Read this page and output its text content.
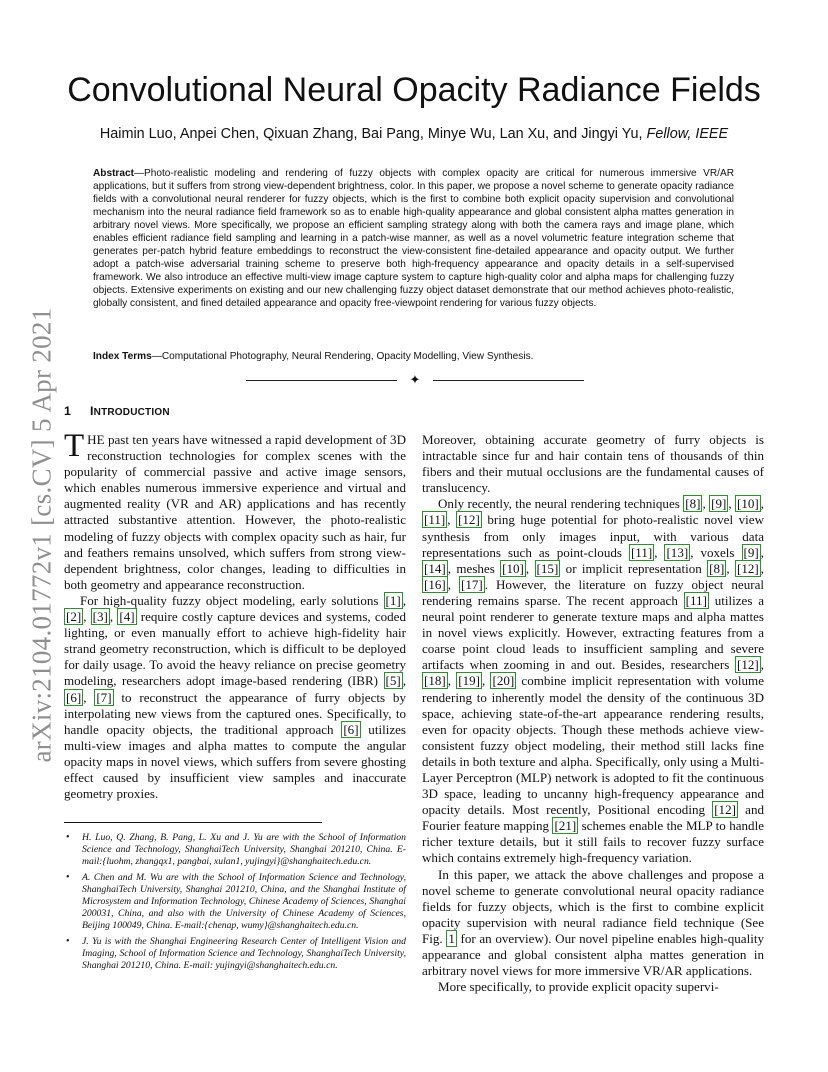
arXiv:2104.01772v1 [cs.CV] 5 Apr 2021
Convolutional Neural Opacity Radiance Fields
Haimin Luo, Anpei Chen, Qixuan Zhang, Bai Pang, Minye Wu, Lan Xu, and Jingyi Yu, Fellow, IEEE

Abstract—Photo-realistic modeling and rendering of fuzzy objects with complex opacity are critical for numerous immersive VR/AR applications, but it suffers from strong view-dependent brightness, color. In this paper, we propose a novel scheme to generate opacity radiance fields with a convolutional neural renderer for fuzzy objects, which is the first to combine both explicit opacity supervision and convolutional mechanism into the neural radiance field framework so as to enable high-quality appearance and global consistent alpha mattes generation in arbitrary novel views. More specifically, we propose an efficient sampling strategy along with both the camera rays and image plane, which enables efficient radiance field sampling and learning in a patch-wise manner, as well as a novel volumetric feature integration scheme that generates per-patch hybrid feature embeddings to reconstruct the view-consistent fine-detailed appearance and opacity output. We further adopt a patch-wise adversarial training scheme to preserve both high-frequency appearance and opacity details in a self-supervised framework. We also introduce an effective multi-view image capture system to capture high-quality color and alpha maps for challenging fuzzy objects. Extensive experiments on existing and our new challenging fuzzy object dataset demonstrate that our method achieves photo-realistic, globally consistent, and fined detailed appearance and opacity free-viewpoint rendering for various fuzzy objects.

Index Terms—Computational Photography, Neural Rendering, Opacity Modelling, View Synthesis.

✦
1 INTRODUCTION

THE past ten years have witnessed a rapid development of 3D reconstruction technologies for complex scenes with the popularity of commercial passive and active image sensors, which enables numerous immersive experience and virtual and augmented reality (VR and AR) applications and has recently attracted substantive attention. However, the photo-realistic modeling of fuzzy objects with complex opacity such as hair, fur and feathers remains unsolved, which suffers from strong view-dependent brightness, color changes, leading to difficulties in both geometry and appearance reconstruction.

For high-quality fuzzy object modeling, early solutions [1] , [2] , [3] , [4] require costly capture devices and systems, coded lighting, or even manually effort to achieve high-fidelity hair strand geometry reconstruction, which is difficult to be deployed for daily usage. To avoid the heavy reliance on precise geometry modeling, researchers adopt image-based rendering (IBR) [5] , [6] , [7] to reconstruct the appearance of furry objects by interpolating new views from the captured ones. Specifically, to handle opacity objects, the traditional approach [6] utilizes multi-view images and alpha mattes to compute the angular opacity maps in novel views, which suffers from severe ghosting effect caused by insufficient view samples and inaccurate geometry proxies.

• H. Luo, Q. Zhang, B. Pang, L. Xu and J. Yu are with the School of Information Science and Technology, ShanghaiTech University, Shanghai 201210, China. E-mail:{luohm, zhangqx1, pangbai, xulan1, yujingyi}@shanghaitech.edu.cn.
• A. Chen and M. Wu are with the School of Information Science and Technology, ShanghaiTech University, Shanghai 201210, China, and the Shanghai Institute of Microsystem and Information Technology, Chinese Academy of Sciences, Shanghai 200031, China, and also with the University of Chinese Academy of Sciences, Beijing 100049, China. E-mail:{chenap, wumy}@shanghaitech.edu.cn.
• J. Yu is with the Shanghai Engineering Research Center of Intelligent Vision and Imaging, School of Information Science and Technology, ShanghaiTech University, Shanghai 201210, China. E-mail: yujingyi@shanghaitech.edu.cn.

Moreover, obtaining accurate geometry of furry objects is intractable since fur and hair contain tens of thousands of thin fibers and their mutual occlusions are the fundamental causes of translucency.

Only recently, the neural rendering techniques [8] , [9] , [10] , [11] , [12] bring huge potential for photo-realistic novel view synthesis from only images input, with various data representations such as point-clouds [11] , [13] , voxels [9] , [14] , meshes [10] , [15] or implicit representation [8] , [12] , [16] , [17] . However, the literature on fuzzy object neural rendering remains sparse. The recent approach [11] utilizes a neural point renderer to generate texture maps and alpha mattes in novel views explicitly. However, extracting features from a coarse point cloud leads to insufficient sampling and severe artifacts when zooming in and out. Besides, researchers [12] , [18] , [19] , [20] combine implicit representation with volume rendering to inherently model the density of the continuous 3D space, achieving state-of-the-art appearance rendering results, even for opacity objects. Though these methods achieve view-consistent fuzzy object modeling, their method still lacks fine details in both texture and alpha. Specifically, only using a Multi-Layer Perceptron (MLP) network is adopted to fit the continuous 3D space, leading to uncanny high-frequency appearance and opacity details. Most recently, Positional encoding [12] and Fourier feature mapping [21] schemes enable the MLP to handle richer texture details, but it still fails to recover fuzzy surface which contains extremely high-frequency variation.

In this paper, we attack the above challenges and propose a novel scheme to generate convolutional neural opacity radiance fields for fuzzy objects, which is the first to combine explicit opacity supervision with neural radiance field technique (See Fig. 1 for an overview). Our novel pipeline enables high-quality appearance and global consistent alpha mattes generation in arbitrary novel views for more immersive VR/AR applications.

More specifically, to provide explicit opacity supervi-
